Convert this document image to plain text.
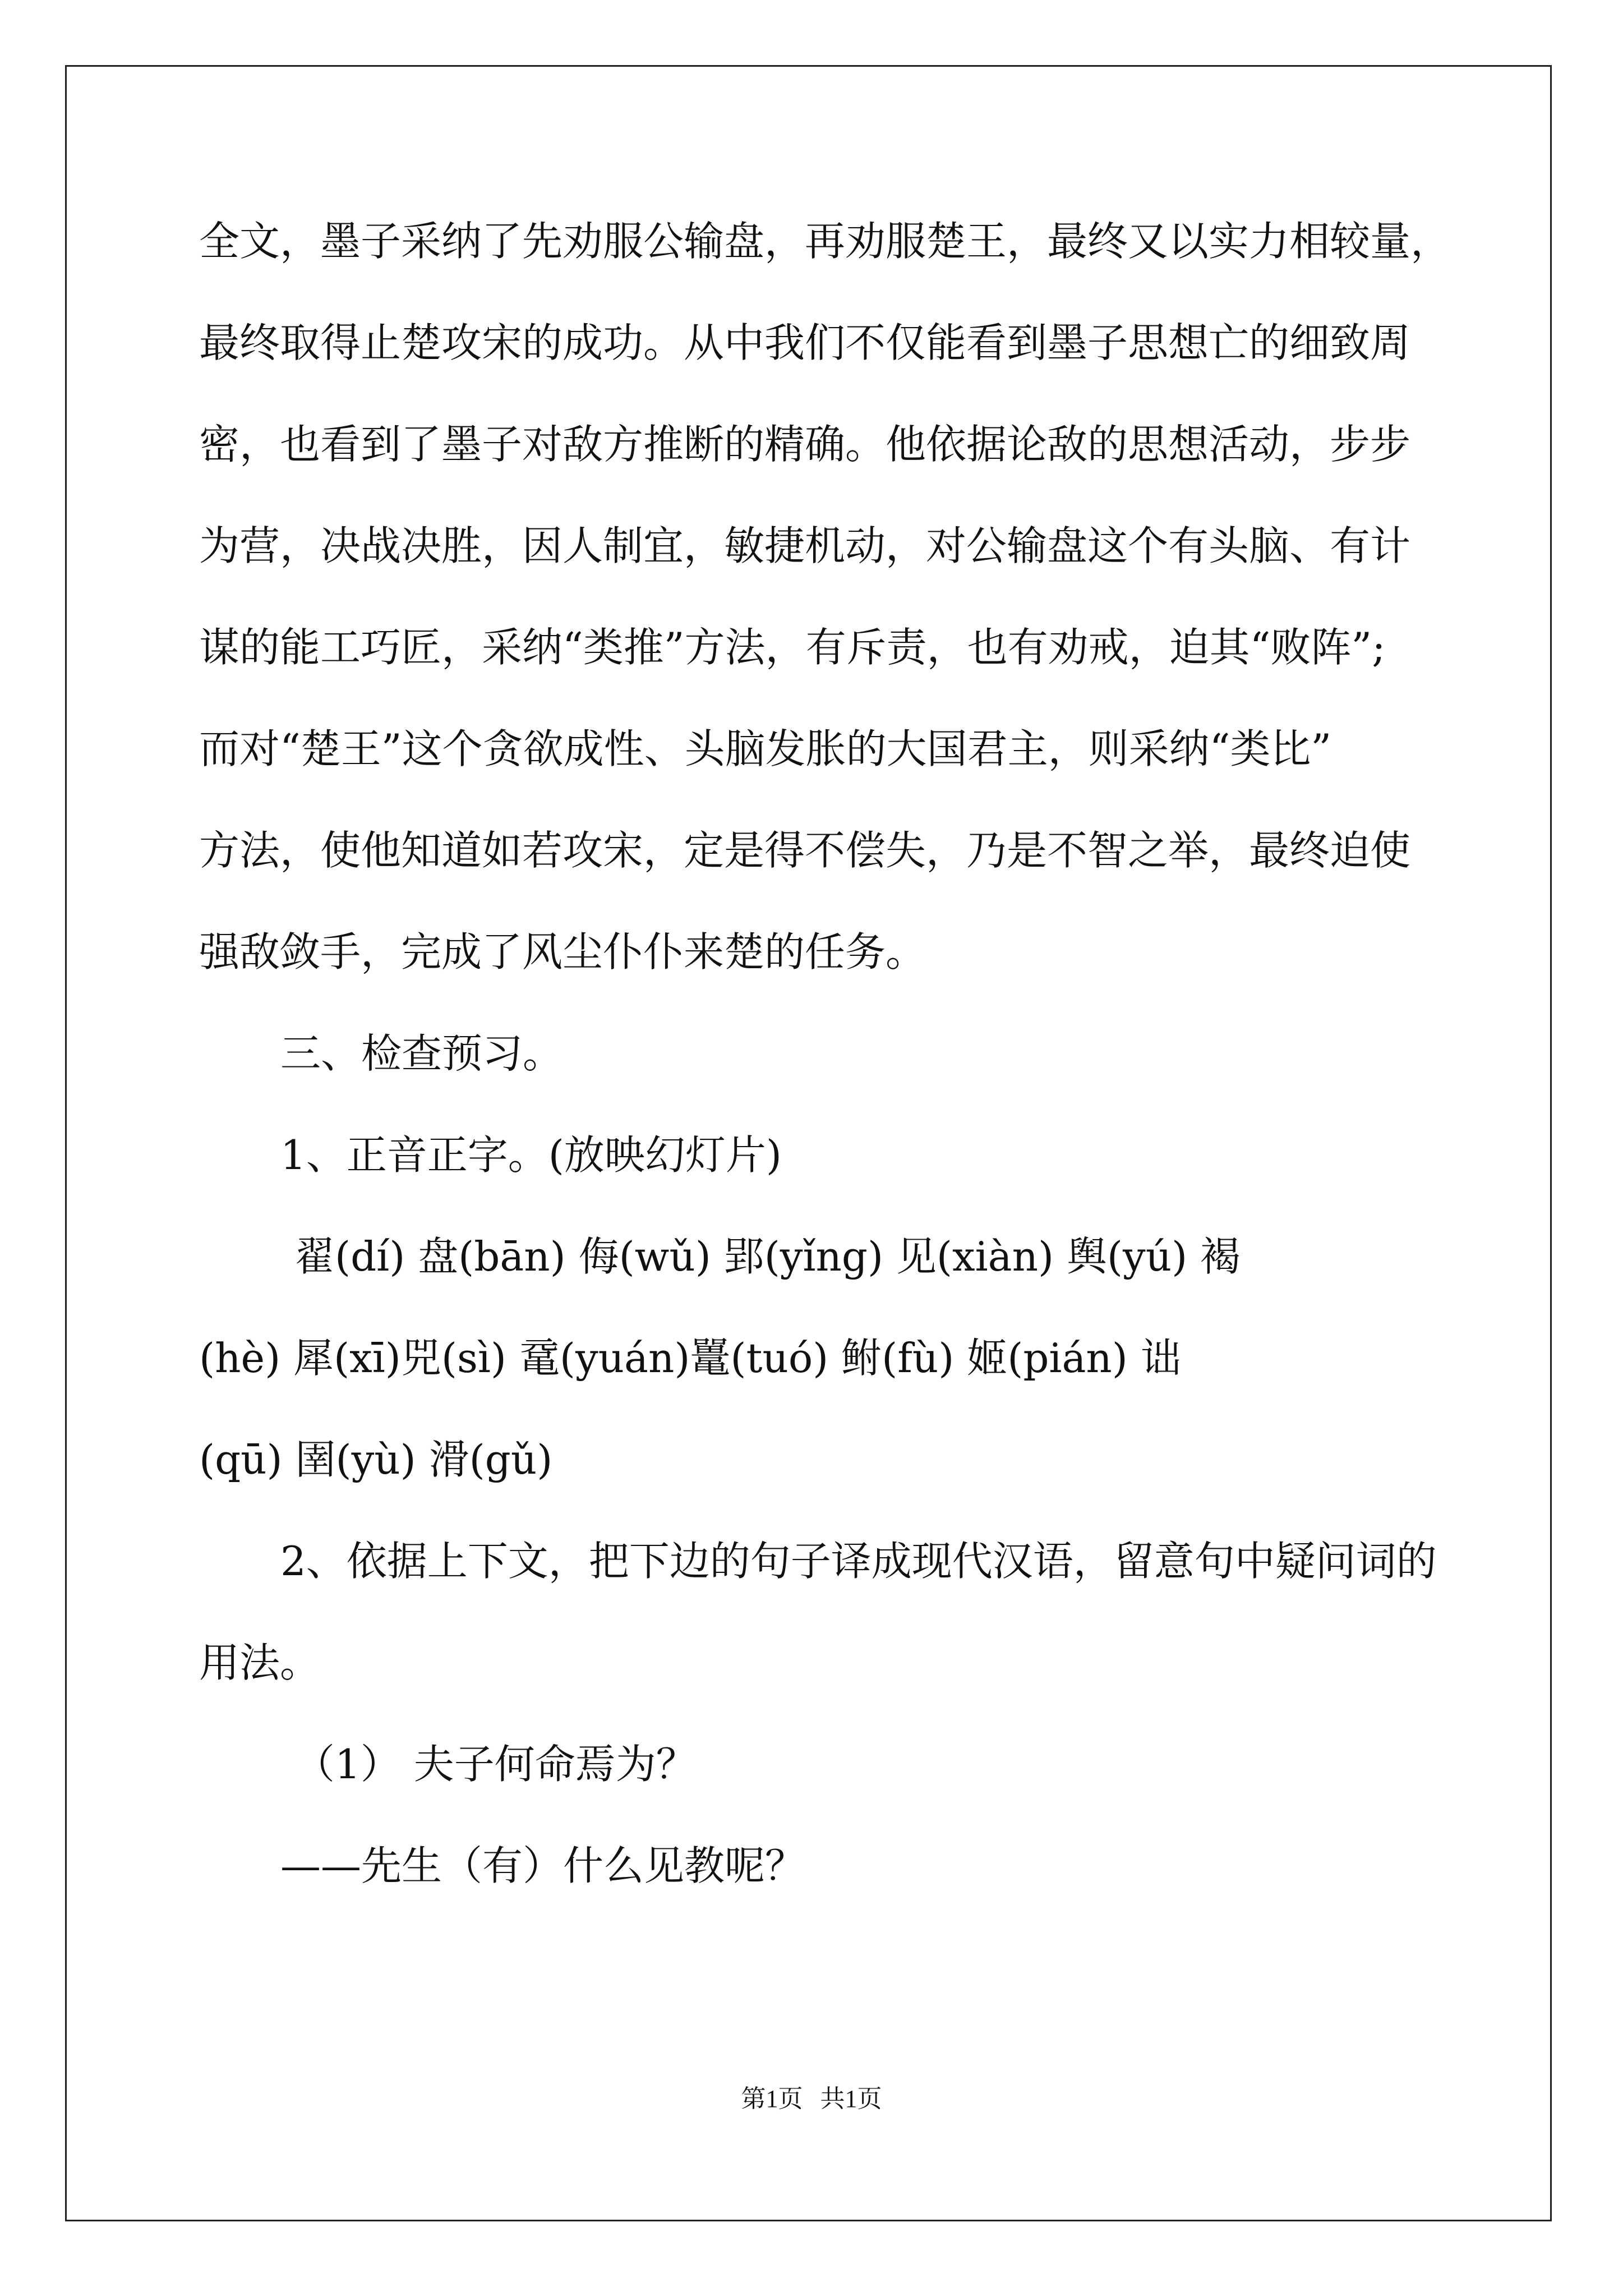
全文，墨子采纳了先劝服公输盘，再劝服楚王，最终又以实力相较量，
最终取得止楚攻宋的成功。从中我们不仅能看到墨子思想亡的细致周
密，也看到了墨子对敌方推断的精确。他依据论敌的思想活动，步步
为营，决战决胜，因人制宜，敏捷机动，对公输盘这个有头脑、有计
谋的能工巧匠，采纳“类推”方法，有斥责，也有劝戒，迫其“败阵”;
而对“楚王”这个贪欲成性、头脑发胀的大国君主，则采纳“类比”
方法，使他知道如若攻宋，定是得不偿失，乃是不智之举，最终迫使
强敌敛手，完成了风尘仆仆来楚的任务。
三、检查预习。
1、正音正字。(放映幻灯片)
翟(dí) 盘(bān) 侮(wǔ) 郢(yǐng) 见(xiàn) 舆(yú) 褐
(hè) 犀(xī)兕(sì) 鼋(yuán)鼍(tuó) 鲋(fù) 姬(pián) 诎
(qū) 圉(yù) 滑(gǔ)
2、依据上下文，把下边的句子译成现代汉语，留意句中疑问词的
用法。
（1） 夫子何命焉为？
——先生（有）什么见教呢？
第1页 共1页
